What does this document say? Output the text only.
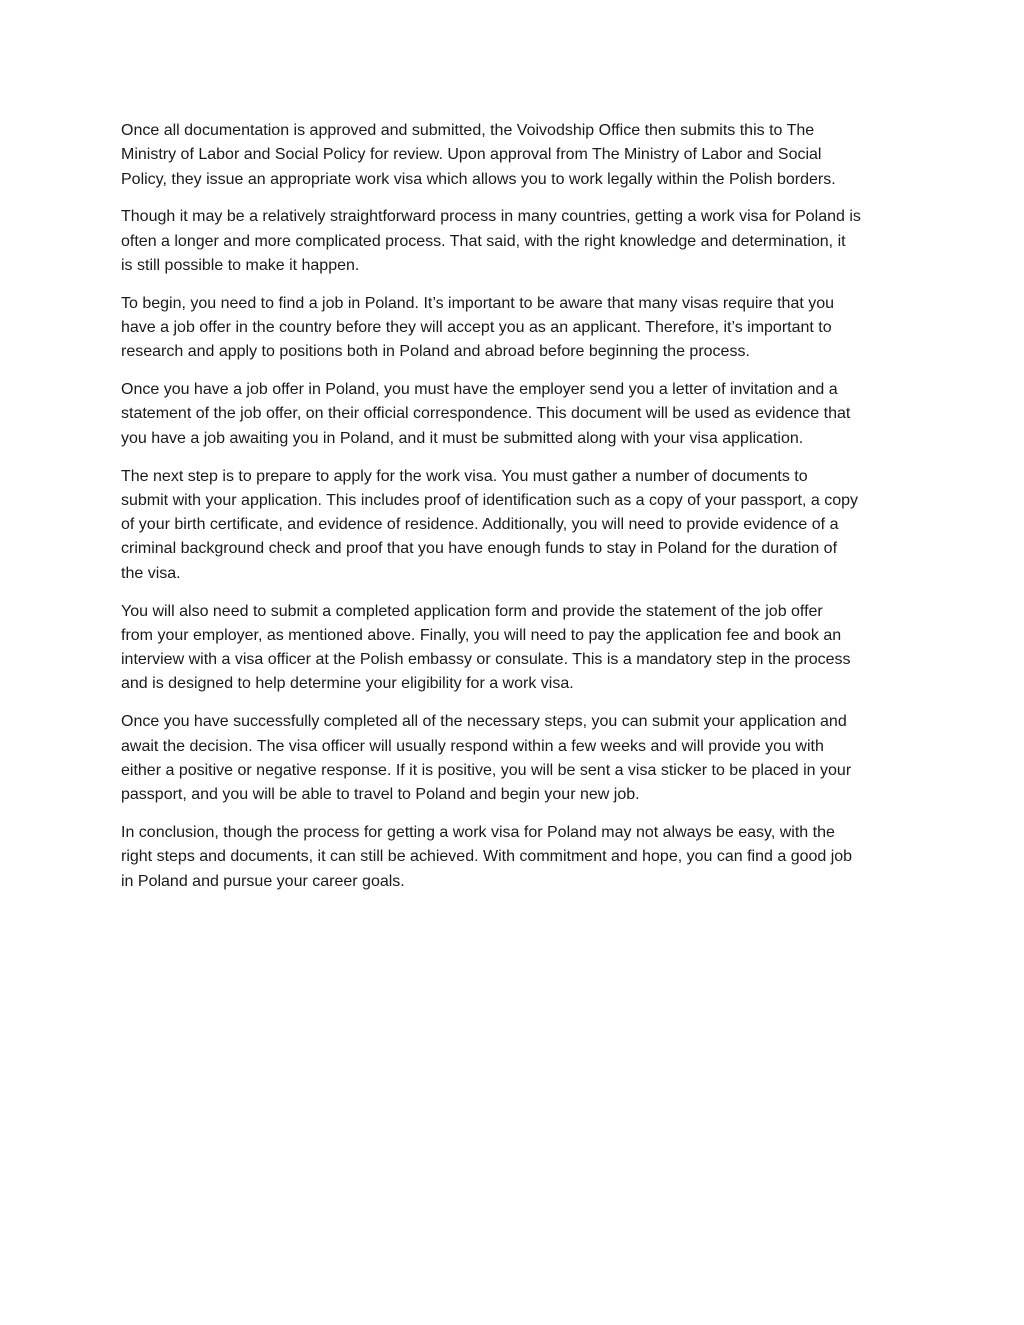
Once all documentation is approved and submitted, the Voivodship Office then submits this to The
Ministry of Labor and Social Policy for review. Upon approval from The Ministry of Labor and Social
Policy, they issue an appropriate work visa which allows you to work legally within the Polish borders.

Though it may be a relatively straightforward process in many countries, getting a work visa for Poland is
often a longer and more complicated process. That said, with the right knowledge and determination, it
is still possible to make it happen.

To begin, you need to find a job in Poland. It’s important to be aware that many visas require that you
have a job offer in the country before they will accept you as an applicant. Therefore, it’s important to
research and apply to positions both in Poland and abroad before beginning the process.

Once you have a job offer in Poland, you must have the employer send you a letter of invitation and a
statement of the job offer, on their official correspondence. This document will be used as evidence that
you have a job awaiting you in Poland, and it must be submitted along with your visa application.

The next step is to prepare to apply for the work visa. You must gather a number of documents to
submit with your application. This includes proof of identification such as a copy of your passport, a copy
of your birth certificate, and evidence of residence. Additionally, you will need to provide evidence of a
criminal background check and proof that you have enough funds to stay in Poland for the duration of
the visa.

You will also need to submit a completed application form and provide the statement of the job offer
from your employer, as mentioned above. Finally, you will need to pay the application fee and book an
interview with a visa officer at the Polish embassy or consulate. This is a mandatory step in the process
and is designed to help determine your eligibility for a work visa.

Once you have successfully completed all of the necessary steps, you can submit your application and
await the decision. The visa officer will usually respond within a few weeks and will provide you with
either a positive or negative response. If it is positive, you will be sent a visa sticker to be placed in your
passport, and you will be able to travel to Poland and begin your new job.

In conclusion, though the process for getting a work visa for Poland may not always be easy, with the
right steps and documents, it can still be achieved. With commitment and hope, you can find a good job
in Poland and pursue your career goals.
